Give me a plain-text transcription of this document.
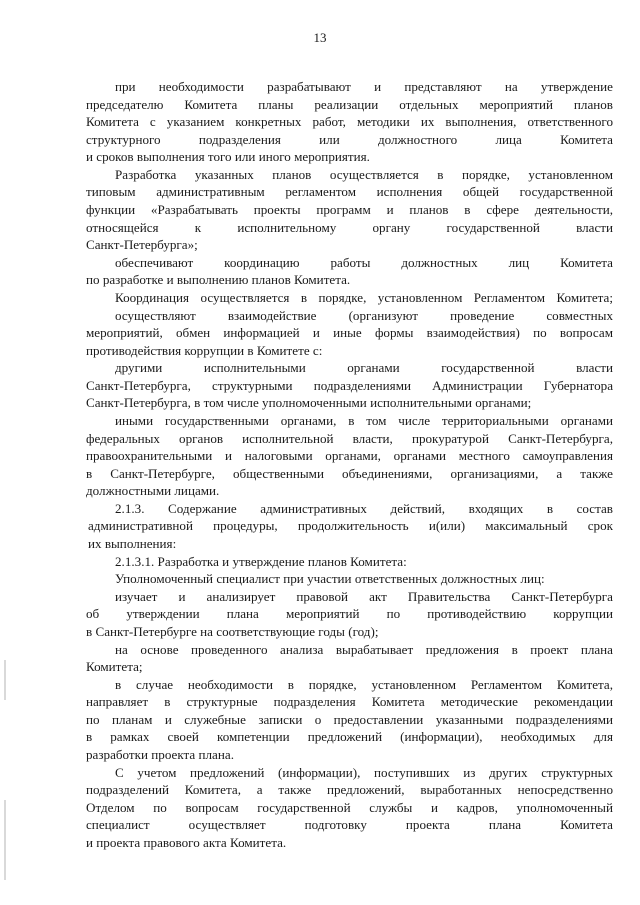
13
при необходимости разрабатывают и представляют на утверждение
председателю Комитета планы реализации отдельных мероприятий планов
Комитета с указанием конкретных работ, методики их выполнения, ответственного
структурного подразделения или должностного лица Комитета
и сроков выполнения того или иного мероприятия.
Разработка указанных планов осуществляется в порядке, установленном
типовым административным регламентом исполнения общей государственной
функции «Разрабатывать проекты программ и планов в сфере деятельности,
относящейся к исполнительному органу государственной власти
Санкт-Петербурга»;
обеспечивают координацию работы должностных лиц Комитета
по разработке и выполнению планов Комитета.
Координация осуществляется в порядке, установленном Регламентом Комитета;
осуществляют взаимодействие (организуют проведение совместных
мероприятий, обмен информацией и иные формы взаимодействия) по вопросам
противодействия коррупции в Комитете с:
другими исполнительными органами государственной власти
Санкт-Петербурга, структурными подразделениями Администрации Губернатора
Санкт-Петербурга, в том числе уполномоченными исполнительными органами;
иными государственными органами, в том числе территориальными органами
федеральных органов исполнительной власти, прокуратурой Санкт-Петербурга,
правоохранительными и налоговыми органами, органами местного самоуправления
в Санкт-Петербурге, общественными объединениями, организациями, а также
должностными лицами.
2.1.3. Содержание административных действий, входящих в состав
административной процедуры, продолжительность и(или) максимальный срок
их выполнения:
2.1.3.1. Разработка и утверждение планов Комитета:
Уполномоченный специалист при участии ответственных должностных лиц:
изучает и анализирует правовой акт Правительства Санкт-Петербурга
об утверждении плана мероприятий по противодействию коррупции
в Санкт-Петербурге на соответствующие годы (год);
на основе проведенного анализа вырабатывает предложения в проект плана
Комитета;
в случае необходимости в порядке, установленном Регламентом Комитета,
направляет в структурные подразделения Комитета методические рекомендации
по планам и служебные записки о предоставлении указанными подразделениями
в рамках своей компетенции предложений (информации), необходимых для
разработки проекта плана.
С учетом предложений (информации), поступивших из других структурных
подразделений Комитета, а также предложений, выработанных непосредственно
Отделом по вопросам государственной службы и кадров, уполномоченный
специалист осуществляет подготовку проекта плана Комитета
и проекта правового акта Комитета.
